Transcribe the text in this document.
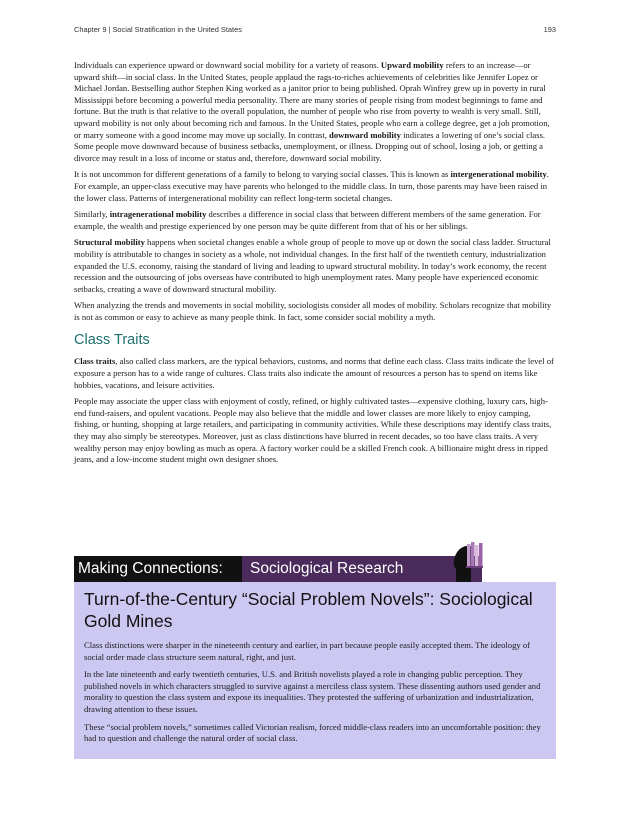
Chapter 9 | Social Stratification in the United States	193

Individuals can experience upward or downward social mobility for a variety of reasons. Upward mobility refers to an increase—or upward shift—in social class. In the United States, people applaud the rags-to-riches achievements of celebrities like Jennifer Lopez or Michael Jordan. Bestselling author Stephen King worked as a janitor prior to being published. Oprah Winfrey grew up in poverty in rural Mississippi before becoming a powerful media personality. There are many stories of people rising from modest beginnings to fame and fortune. But the truth is that relative to the overall population, the number of people who rise from poverty to wealth is very small. Still, upward mobility is not only about becoming rich and famous. In the United States, people who earn a college degree, get a job promotion, or marry someone with a good income may move up socially. In contrast, downward mobility indicates a lowering of one’s social class. Some people move downward because of business setbacks, unemployment, or illness. Dropping out of school, losing a job, or getting a divorce may result in a loss of income or status and, therefore, downward social mobility.

It is not uncommon for different generations of a family to belong to varying social classes. This is known as intergenerational mobility. For example, an upper-class executive may have parents who belonged to the middle class. In turn, those parents may have been raised in the lower class. Patterns of intergenerational mobility can reflect long-term societal changes.

Similarly, intragenerational mobility describes a difference in social class that between different members of the same generation. For example, the wealth and prestige experienced by one person may be quite different from that of his or her siblings.

Structural mobility happens when societal changes enable a whole group of people to move up or down the social class ladder. Structural mobility is attributable to changes in society as a whole, not individual changes. In the first half of the twentieth century, industrialization expanded the U.S. economy, raising the standard of living and leading to upward structural mobility. In today’s work economy, the recent recession and the outsourcing of jobs overseas have contributed to high unemployment rates. Many people have experienced economic setbacks, creating a wave of downward structural mobility.

When analyzing the trends and movements in social mobility, sociologists consider all modes of mobility. Scholars recognize that mobility is not as common or easy to achieve as many people think. In fact, some consider social mobility a myth.

Class Traits

Class traits, also called class markers, are the typical behaviors, customs, and norms that define each class. Class traits indicate the level of exposure a person has to a wide range of cultures. Class traits also indicate the amount of resources a person has to spend on items like hobbies, vacations, and leisure activities.

People may associate the upper class with enjoyment of costly, refined, or highly cultivated tastes—expensive clothing, luxury cars, high-end fund-raisers, and opulent vacations. People may also believe that the middle and lower classes are more likely to enjoy camping, fishing, or hunting, shopping at large retailers, and participating in community activities. While these descriptions may identify class traits, they may also simply be stereotypes. Moreover, just as class distinctions have blurred in recent decades, so too have class traits. A very wealthy person may enjoy bowling as much as opera. A factory worker could be a skilled French cook. A billionaire might dress in ripped jeans, and a low-income student might own designer shoes.

Making Connections: Sociological Research
Turn-of-the-Century “Social Problem Novels”: Sociological Gold Mines

Class distinctions were sharper in the nineteenth century and earlier, in part because people easily accepted them. The ideology of social order made class structure seem natural, right, and just.

In the late nineteenth and early twentieth centuries, U.S. and British novelists played a role in changing public perception. They published novels in which characters struggled to survive against a merciless class system. These dissenting authors used gender and morality to question the class system and expose its inequalities. They protested the suffering of urbanization and industrialization, drawing attention to these issues.

These “social problem novels,” sometimes called Victorian realism, forced middle-class readers into an uncomfortable position: they had to question and challenge the natural order of social class.
